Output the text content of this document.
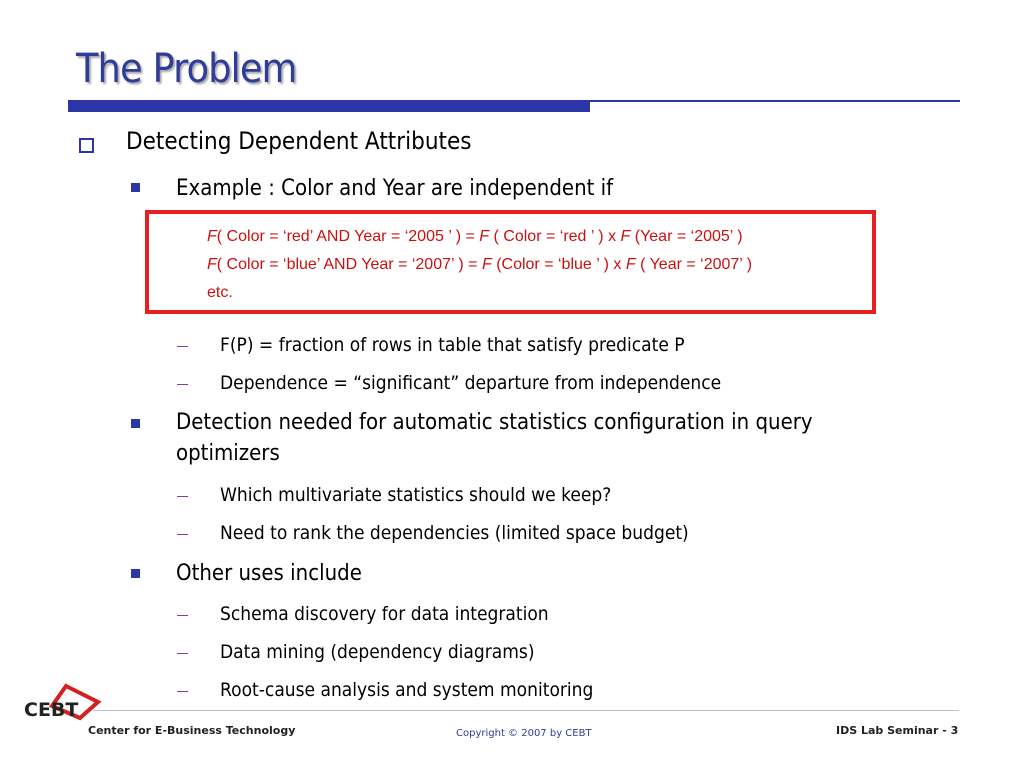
The Problem
Detecting Dependent Attributes
Example : Color and Year are independent if
F( Color = ‘red’ AND Year = ‘2005 ’ ) = F ( Color = ‘red ’ ) x F (Year = ‘2005’ )
F( Color = ‘blue’ AND Year = ‘2007’ ) = F (Color = ‘blue ’ ) x F ( Year = ‘2007’ )
etc.
F(P) = fraction of rows in table that satisfy predicate P
Dependence = “significant” departure from independence
Detection needed for automatic statistics configuration in query
optimizers
Which multivariate statistics should we keep?
Need to rank the dependencies (limited space budget)
Other uses include
Schema discovery for data integration
Data mining (dependency diagrams)
Root-cause analysis and system monitoring
CEBT
Center for E-Business Technology	Copyright © 2007 by CEBT	IDS Lab Seminar - 3
